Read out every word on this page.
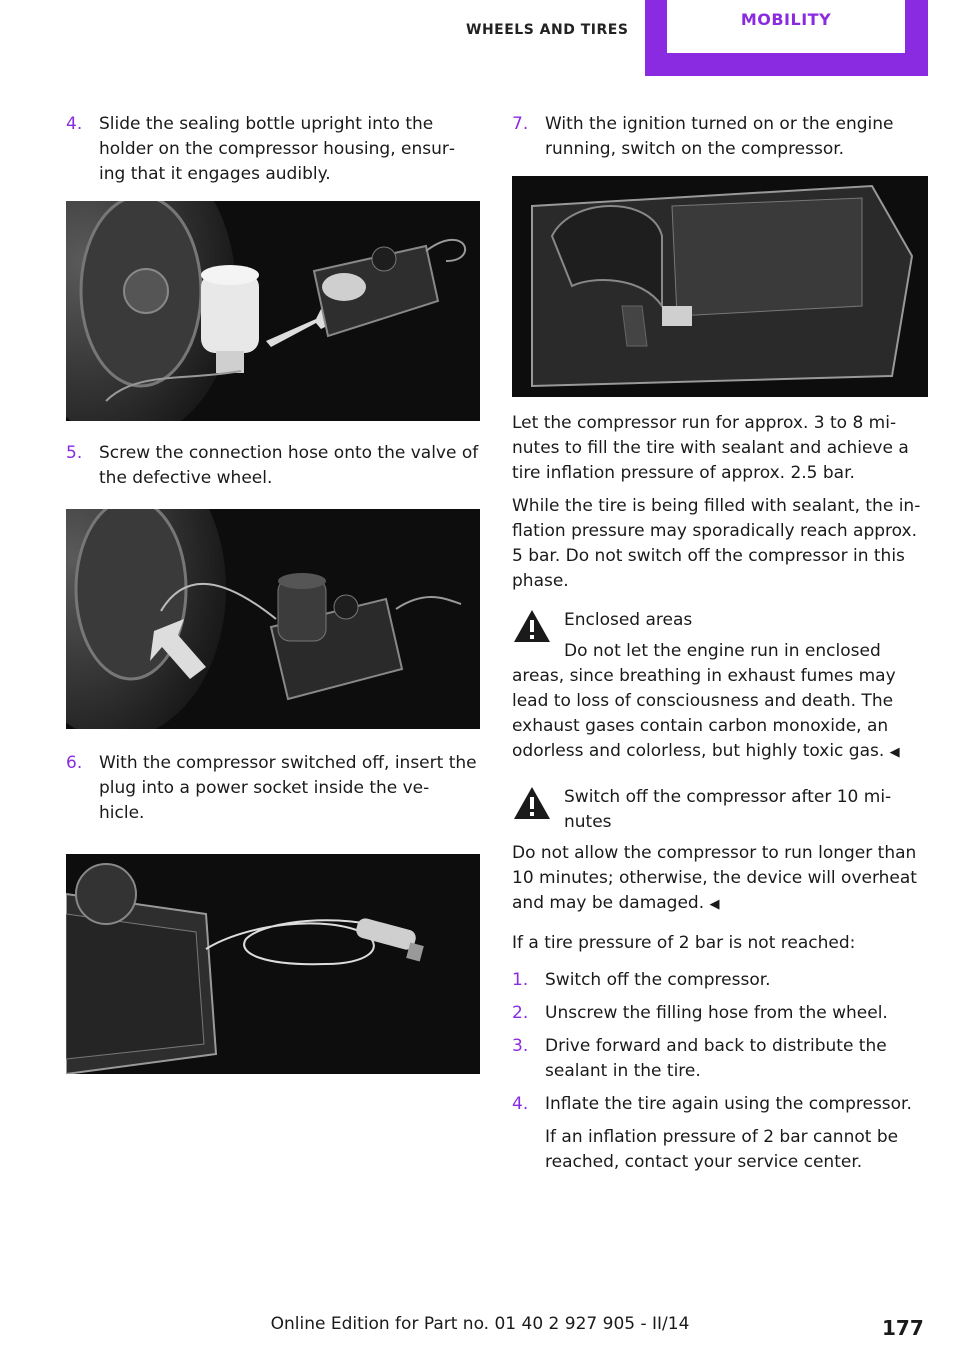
WHEELS AND TIRES
MOBILITY
4. Slide the sealing bottle upright into the holder on the compressor housing, ensur‐ ing that it engages audibly.
5. Screw the connection hose onto the valve of the defective wheel.
6. With the compressor switched off, insert the plug into a power socket inside the ve‐ hicle.
7. With the ignition turned on or the engine running, switch on the compressor.

Let the compressor run for approx. 3 to 8 mi‐ nutes to fill the tire with sealant and achieve a tire inflation pressure of approx. 2.5 bar.

While the tire is being filled with sealant, the in‐ flation pressure may sporadically reach approx. 5 bar. Do not switch off the compressor in this phase.

Enclosed areas
Do not let the engine run in enclosed
areas, since breathing in exhaust fumes may lead to loss of consciousness and death. The exhaust gases contain carbon monoxide, an odorless and colorless, but highly toxic gas. ◀
Switch off the compressor after 10 mi‐ nutes
Do not allow the compressor to run longer than 10 minutes; otherwise, the device will overheat and may be damaged. ◀

If a tire pressure of 2 bar is not reached:

1. Switch off the compressor.
2. Unscrew the filling hose from the wheel.
3. Drive forward and back to distribute the sealant in the tire.
4. Inflate the tire again using the compressor.
If an inflation pressure of 2 bar cannot be reached, contact your service center.
Online Edition for Part no. 01 40 2 927 905 - II/14	177
